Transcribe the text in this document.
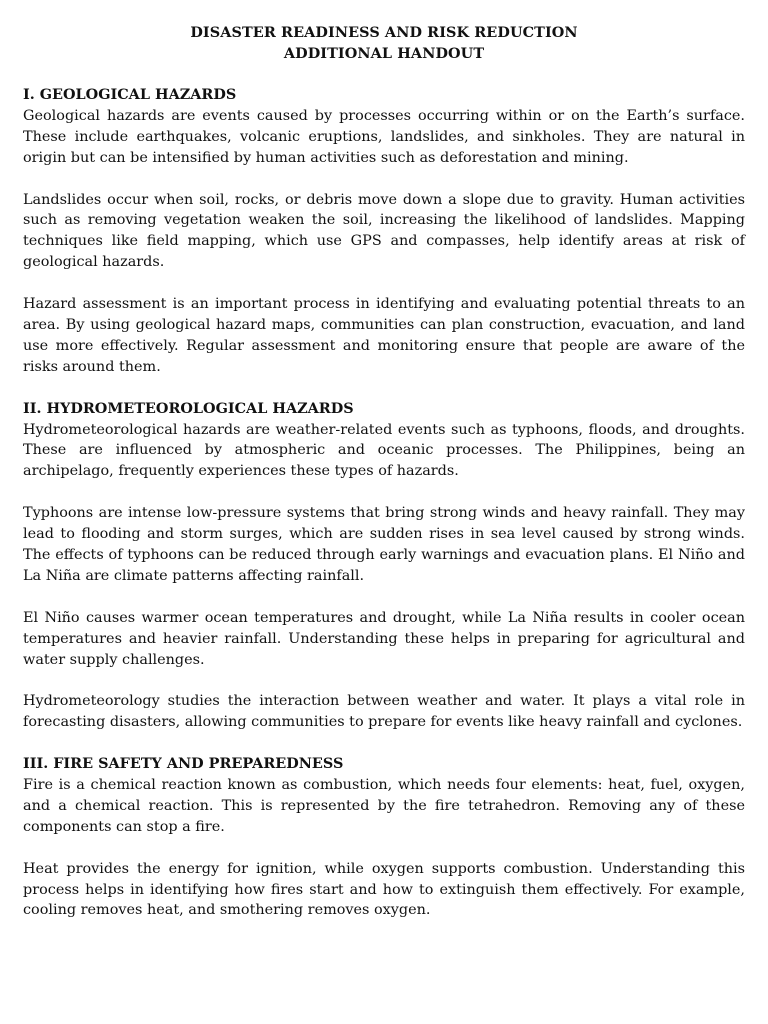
DISASTER READINESS AND RISK REDUCTION
ADDITIONAL HANDOUT
I. GEOLOGICAL HAZARDS

Geological hazards are events caused by processes occurring within or on the Earth’s surface. These include earthquakes, volcanic eruptions, landslides, and sinkholes. They are natural in origin but can be intensified by human activities such as deforestation and mining.

Landslides occur when soil, rocks, or debris move down a slope due to gravity. Human activities such as removing vegetation weaken the soil, increasing the likelihood of landslides. Mapping techniques like field mapping, which use GPS and compasses, help identify areas at risk of geological hazards.

Hazard assessment is an important process in identifying and evaluating potential threats to an area. By using geological hazard maps, communities can plan construction, evacuation, and land use more effectively. Regular assessment and monitoring ensure that people are aware of the risks around them.

II. HYDROMETEOROLOGICAL HAZARDS

Hydrometeorological hazards are weather-related events such as typhoons, floods, and droughts. These are influenced by atmospheric and oceanic processes. The Philippines, being an archipelago, frequently experiences these types of hazards.

Typhoons are intense low-pressure systems that bring strong winds and heavy rainfall. They may lead to flooding and storm surges, which are sudden rises in sea level caused by strong winds. The effects of typhoons can be reduced through early warnings and evacuation plans. El Niño and La Niña are climate patterns affecting rainfall.

El Niño causes warmer ocean temperatures and drought, while La Niña results in cooler ocean temperatures and heavier rainfall. Understanding these helps in preparing for agricultural and water supply challenges.

Hydrometeorology studies the interaction between weather and water. It plays a vital role in forecasting disasters, allowing communities to prepare for events like heavy rainfall and cyclones.

III. FIRE SAFETY AND PREPAREDNESS

Fire is a chemical reaction known as combustion, which needs four elements: heat, fuel, oxygen, and a chemical reaction. This is represented by the fire tetrahedron. Removing any of these components can stop a fire.

Heat provides the energy for ignition, while oxygen supports combustion. Understanding this process helps in identifying how fires start and how to extinguish them effectively. For example, cooling removes heat, and smothering removes oxygen.
